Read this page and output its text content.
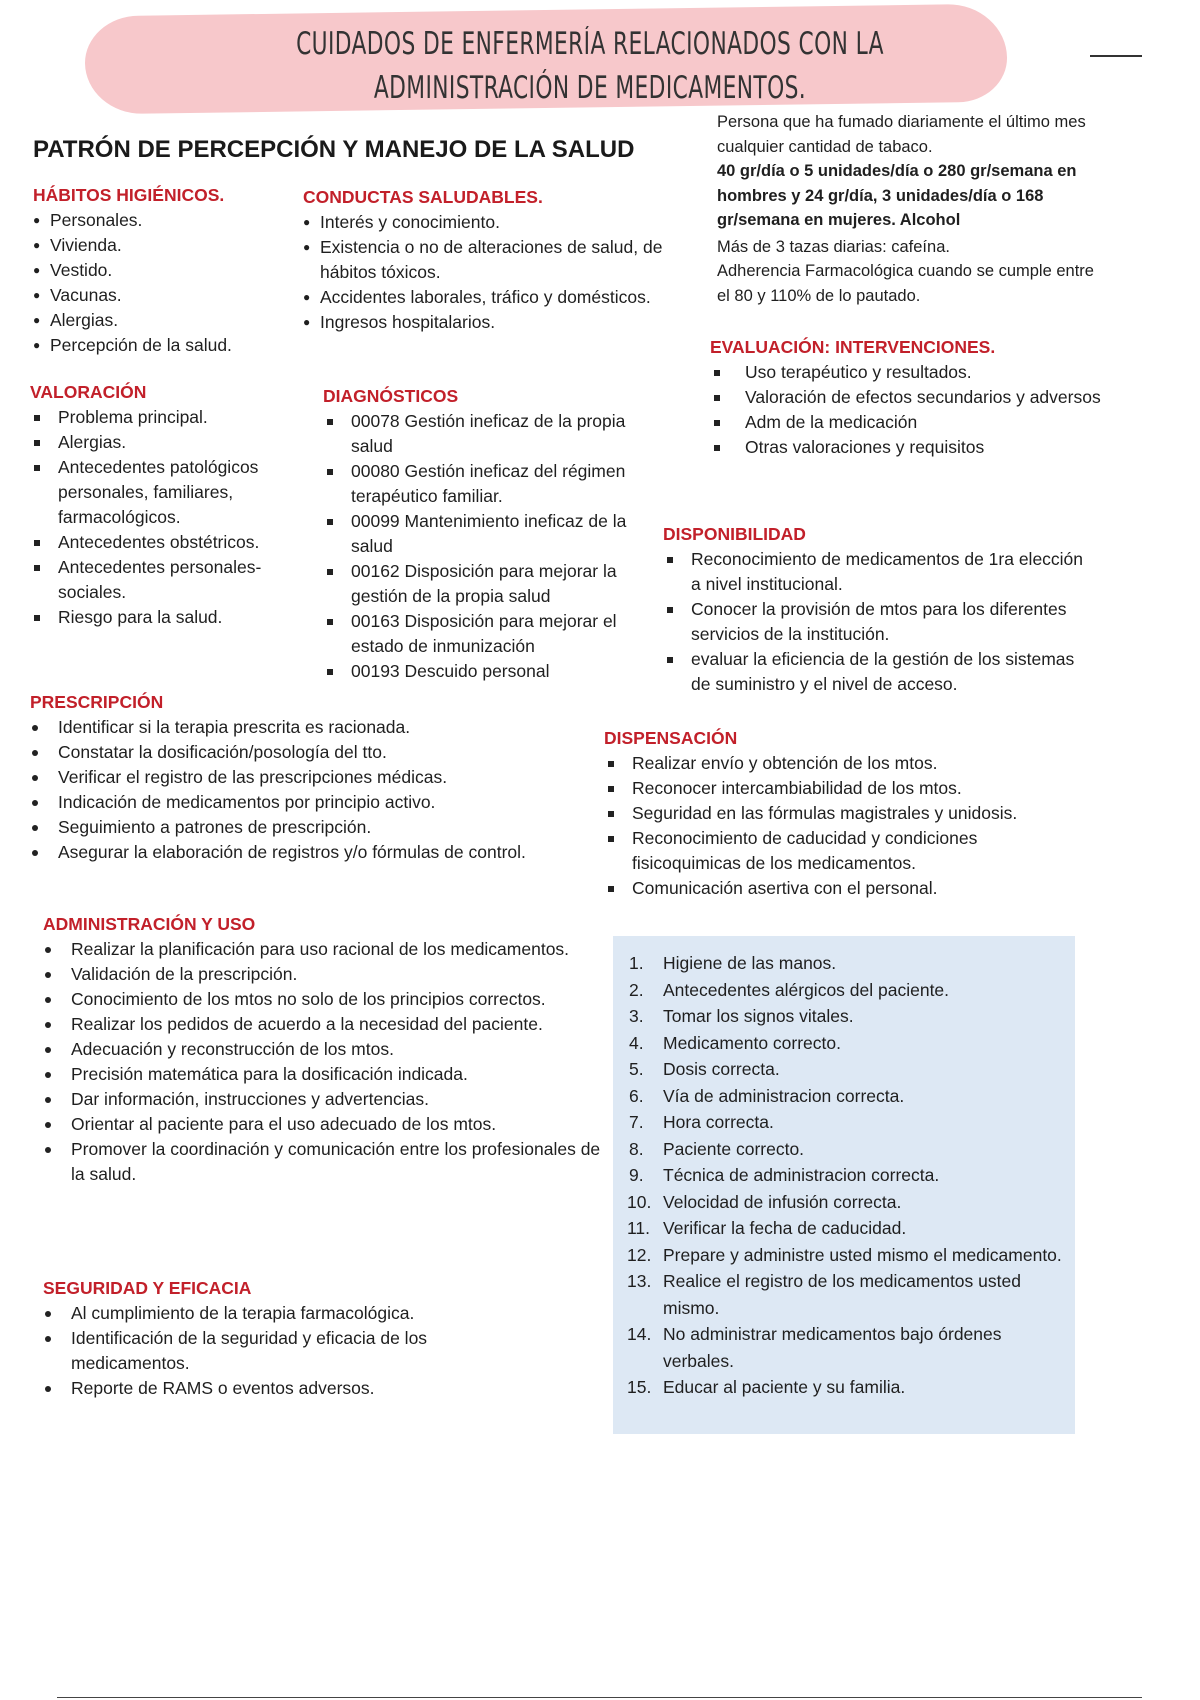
CUIDADOS DE ENFERMERÍA RELACIONADOS CON LA ADMINISTRACIÓN DE MEDICAMENTOS.
PATRÓN DE PERCEPCIÓN Y MANEJO DE LA SALUD
HÁBITOS HIGIÉNICOS.
● Personales.
● Vivienda.
● Vestido.
● Vacunas.
● Alergias.
● Percepción de la salud.
CONDUCTAS SALUDABLES.
● Interés y conocimiento.
● Existencia o no de alteraciones de salud, de hábitos tóxicos.
● Accidentes laborales, tráfico y domésticos.
● Ingresos hospitalarios.

Persona que ha fumado diariamente el último mes cualquier cantidad de tabaco.

40 gr/día o 5 unidades/día o 280 gr/semana en hombres y 24 gr/día, 3 unidades/día o 168 gr/semana en mujeres. Alcohol

Más de 3 tazas diarias: cafeína.

Adherencia Farmacológica cuando se cumple entre el 80 y 110% de lo pautado.

EVALUACIÓN: INTERVENCIONES.
Uso terapéutico y resultados.
Valoración de efectos secundarios y adversos
Adm de la medicación
Otras valoraciones y requisitos
VALORACIÓN
Problema principal.
Alergias.
Antecedentes patológicos personales, familiares, farmacológicos.
Antecedentes obstétricos.
Antecedentes personales-sociales.
Riesgo para la salud.
DIAGNÓSTICOS
00078 Gestión ineficaz de la propia salud
00080 Gestión ineficaz del régimen terapéutico familiar.
00099 Mantenimiento ineficaz de la salud
00162 Disposición para mejorar la gestión de la propia salud
00163 Disposición para mejorar el estado de inmunización
00193 Descuido personal
DISPONIBILIDAD
Reconocimiento de medicamentos de 1ra elección a nivel institucional.
Conocer la provisión de mtos para los diferentes servicios de la institución.
evaluar la eficiencia de la gestión de los sistemas de suministro y el nivel de acceso.
PRESCRIPCIÓN
Identificar si la terapia prescrita es racionada.
Constatar la dosificación/posología del tto.
Verificar el registro de las prescripciones médicas.
Indicación de medicamentos por principio activo.
Seguimiento a patrones de prescripción.
Asegurar la elaboración de registros y/o fórmulas de control.
DISPENSACIÓN
Realizar envío y obtención de los mtos.
Reconocer intercambiabilidad de los mtos.
Seguridad en las fórmulas magistrales y unidosis.
Reconocimiento de caducidad y condiciones fisicoquimicas de los medicamentos.
Comunicación asertiva con el personal.
ADMINISTRACIÓN Y USO
Realizar la planificación para uso racional de los medicamentos.
Validación de la prescripción.
Conocimiento de los mtos no solo de los principios correctos.
Realizar los pedidos de acuerdo a la necesidad del paciente.
Adecuación y reconstrucción de los mtos.
Precisión matemática para la dosificación indicada.
Dar información, instrucciones y advertencias.
Orientar al paciente para el uso adecuado de los mtos.
Promover la coordinación y comunicación entre los profesionales de la salud.
SEGURIDAD Y EFICACIA
Al cumplimiento de la terapia farmacológica.
Identificación de la seguridad y eficacia de los medicamentos.
Reporte de RAMS o eventos adversos.
1. Higiene de las manos.
2. Antecedentes alérgicos del paciente.
3. Tomar los signos vitales.
4. Medicamento correcto.
5. Dosis correcta.
6. Vía de administracion correcta.
7. Hora correcta.
8. Paciente correcto.
9. Técnica de administracion correcta.
10. Velocidad de infusión correcta.
11. Verificar la fecha de caducidad.
12. Prepare y administre usted mismo el medicamento.
13. Realice el registro de los medicamentos usted mismo.
14. No administrar medicamentos bajo órdenes verbales.
15. Educar al paciente y su familia.
